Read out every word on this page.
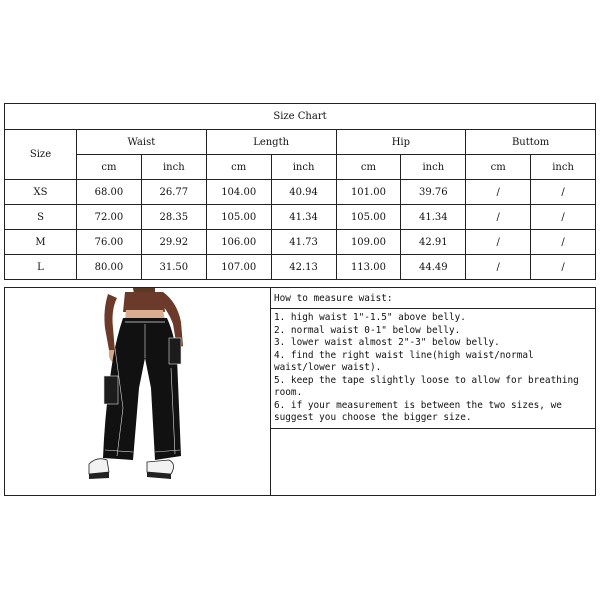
Size Chart								
Size	Waist		Length		Hip		Buttom	
	cm	inch	cm	inch	cm	inch	cm	inch
XS	68.00	26.77	104.00	40.94	101.00	39.76	/	/
S	72.00	28.35	105.00	41.34	105.00	41.34	/	/
M	76.00	29.92	106.00	41.73	109.00	42.91	/	/
L	80.00	31.50	107.00	42.13	113.00	44.49	/	/
How to measure waist:

1. high waist 1"-1.5" above belly.

2. normal waist 0-1" below belly.

3. lower waist almost 2"-3" below belly.

4. find the right waist line(high waist/normal waist/lower waist).

5. keep the tape slightly loose to allow for breathing room.

6. if your measurement is between the two sizes, we suggest you choose the bigger size.
